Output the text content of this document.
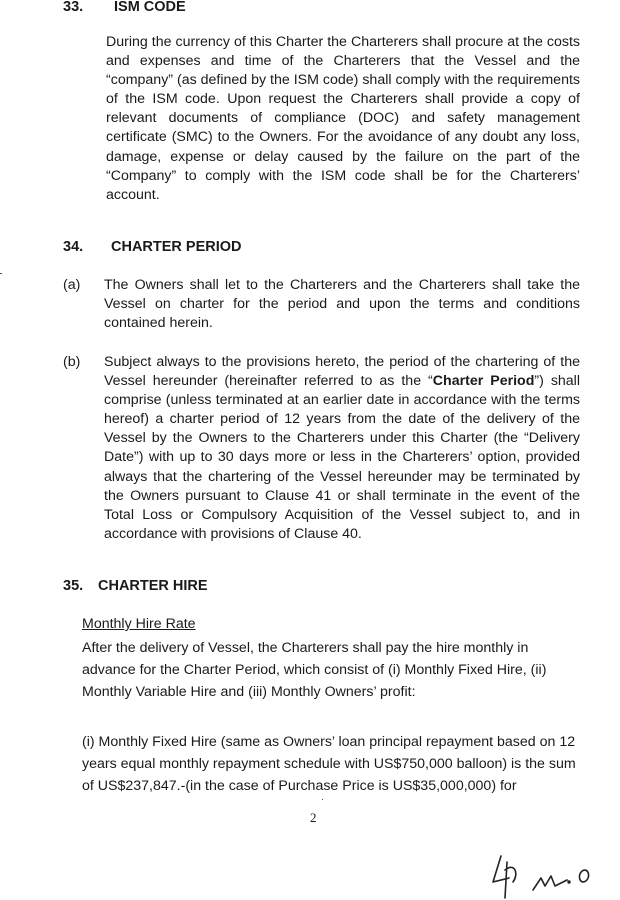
33. ISM CODE

During the currency of this Charter the Charterers shall procure at the costs and expenses and time of the Charterers that the Vessel and the “company” (as defined by the ISM code) shall comply with the requirements of the ISM code. Upon request the Charterers shall provide a copy of relevant documents of compliance (DOC) and safety management certificate (SMC) to the Owners. For the avoidance of any doubt any loss, damage, expense or delay caused by the failure on the part of the “Company” to comply with the ISM code shall be for the Charterers’ account.

34. CHARTER PERIOD
(a) The Owners shall let to the Charterers and the Charterers shall take the Vessel on charter for the period and upon the terms and conditions contained herein.

(b) Subject always to the provisions hereto, the period of the chartering of the Vessel hereunder (hereinafter referred to as the “Charter Period”) shall comprise (unless terminated at an earlier date in accordance with the terms hereof) a charter period of 12 years from the date of the delivery of the Vessel by the Owners to the Charterers under this Charter (the “Delivery Date”) with up to 30 days more or less in the Charterers’ option, provided always that the chartering of the Vessel hereunder may be terminated by the Owners pursuant to Clause 41 or shall terminate in the event of the Total Loss or Compulsory Acquisition of the Vessel subject to, and in accordance with provisions of Clause 40.

35. CHARTER HIRE
Monthly Hire Rate

After the delivery of Vessel, the Charterers shall pay the hire monthly in advance for the Charter Period, which consist of (i) Monthly Fixed Hire, (ii) Monthly Variable Hire and (iii) Monthly Owners’ profit:

(i) Monthly Fixed Hire (same as Owners’ loan principal repayment based on 12 years equal monthly repayment schedule with US$750,000 balloon) is the sum of US$237,847.-(in the case of Purchase Price is US$35,000,000) for

2
